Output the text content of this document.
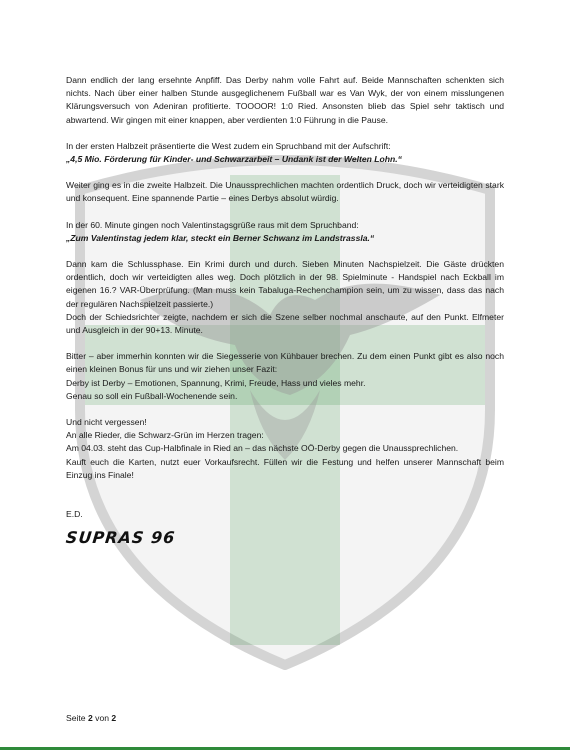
Dann endlich der lang ersehnte Anpfiff. Das Derby nahm volle Fahrt auf. Beide Mannschaften schenkten sich nichts. Nach über einer halben Stunde ausgeglichenem Fußball war es Van Wyk, der von einem misslungenen Klärungsversuch von Adeniran profitierte. TOOOOR! 1:0 Ried. Ansonsten blieb das Spiel sehr taktisch und abwartend. Wir gingen mit einer knappen, aber verdienten 1:0 Führung in die Pause.

In der ersten Halbzeit präsentierte die West zudem ein Spruchband mit der Aufschrift:

„4,5 Mio. Förderung für Kinder- und Schwarzarbeit – Undank ist der Welten Lohn.“

Weiter ging es in die zweite Halbzeit. Die Unaussprechlichen machten ordentlich Druck, doch wir verteidigten stark und konsequent. Eine spannende Partie – eines Derbys absolut würdig.

In der 60. Minute gingen noch Valentinstagsgrüße raus mit dem Spruchband:

„Zum Valentinstag jedem klar, steckt ein Berner Schwanz im Landstrassla.“

Dann kam die Schlussphase. Ein Krimi durch und durch. Sieben Minuten Nachspielzeit. Die Gäste drückten ordentlich, doch wir verteidigten alles weg. Doch plötzlich in der 98. Spielminute - Handspiel nach Eckball im eigenen 16.? VAR-Überprüfung. (Man muss kein Tabaluga-Rechenchampion sein, um zu wissen, dass das nach der regulären Nachspielzeit passierte.)

Doch der Schiedsrichter zeigte, nachdem er sich die Szene selber nochmal anschaute, auf den Punkt. Elfmeter und Ausgleich in der 90+13. Minute.

Bitter – aber immerhin konnten wir die Siegesserie von Kühbauer brechen. Zu dem einen Punkt gibt es also noch einen kleinen Bonus für uns und wir ziehen unser Fazit:

Derby ist Derby – Emotionen, Spannung, Krimi, Freude, Hass und vieles mehr.

Genau so soll ein Fußball-Wochenende sein.

Und nicht vergessen!

An alle Rieder, die Schwarz-Grün im Herzen tragen:

Am 04.03. steht das Cup-Halbfinale in Ried an – das nächste OÖ-Derby gegen die Unaussprechlichen.

Kauft euch die Karten, nutzt euer Vorkaufsrecht. Füllen wir die Festung und helfen unserer Mannschaft beim Einzug ins Finale!

E.D.

SUPRAS 96
Seite 2 von 2
